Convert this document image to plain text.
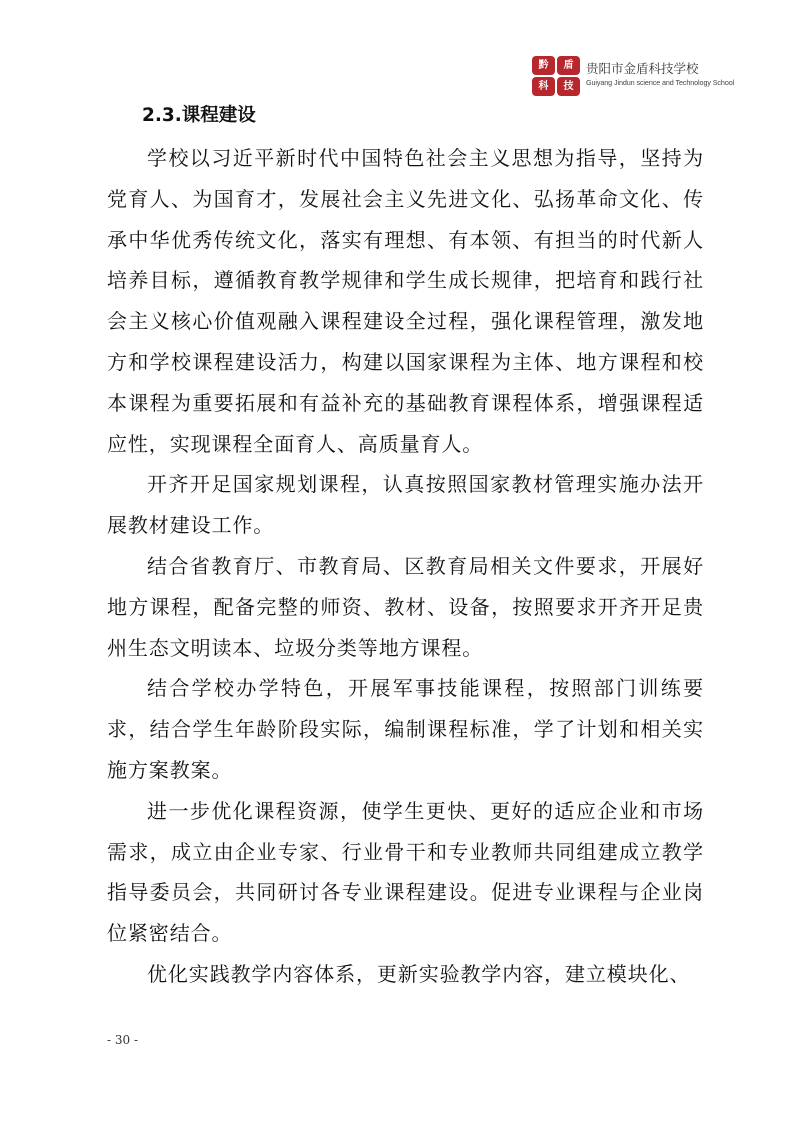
黔	盾
科	技
贵阳市金盾科技学校
Guiyang Jindun science and Technology School
2.3.课程建设

学校以习近平新时代中国特色社会主义思想为指导，坚持为党育人、为国育才，发展社会主义先进文化、弘扬革命文化、传承中华优秀传统文化，落实有理想、有本领、有担当的时代新人培养目标，遵循教育教学规律和学生成长规律，把培育和践行社会主义核心价值观融入课程建设全过程，强化课程管理，激发地方和学校课程建设活力，构建以国家课程为主体、地方课程和校本课程为重要拓展和有益补充的基础教育课程体系，增强课程适应性，实现课程全面育人、高质量育人。

开齐开足国家规划课程，认真按照国家教材管理实施办法开展教材建设工作。

结合省教育厅、市教育局、区教育局相关文件要求，开展好地方课程，配备完整的师资、教材、设备，按照要求开齐开足贵州生态文明读本、垃圾分类等地方课程。

结合学校办学特色，开展军事技能课程，按照部门训练要求，结合学生年龄阶段实际，编制课程标准，学了计划和相关实施方案教案。

进一步优化课程资源，使学生更快、更好的适应企业和市场需求，成立由企业专家、行业骨干和专业教师共同组建成立教学指导委员会，共同研讨各专业课程建设。促进专业课程与企业岗位紧密结合。

优化实践教学内容体系，更新实验教学内容，建立模块化、

- 30 -
